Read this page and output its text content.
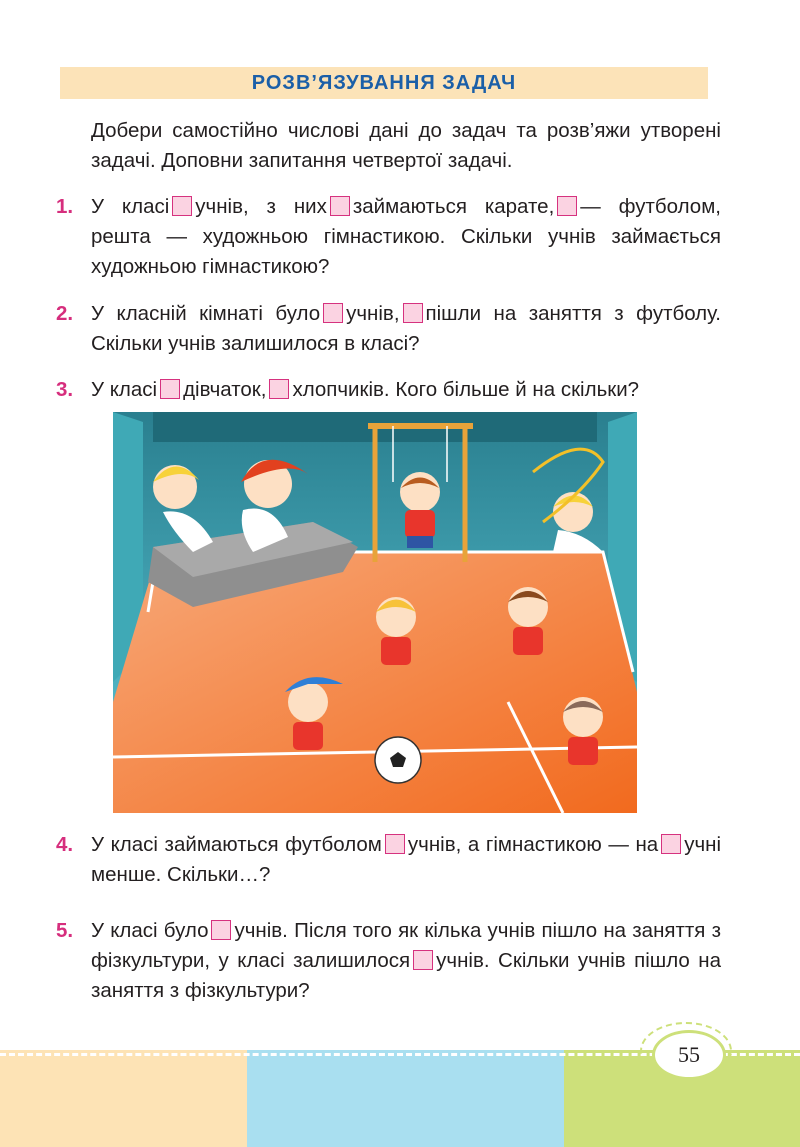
РОЗВ’ЯЗУВАННЯ ЗАДАЧ
Добери самостійно числові дані до задач та розв’яжи утворені задачі. Доповни запитання четвертої задачі.
1. У класі учнів, з них займаються карате, — футболом, решта — художньою гімнастикою. Скільки учнів займається художньою гімнастикою?
2. У класній кімнаті було учнів, пішли на заняття з футболу. Скільки учнів залишилося в класі?
3. У класі дівчаток, хлопчиків. Кого більше й на скільки?
4. У класі займаються футболом учнів, а гімнастикою — на учні менше. Скільки…?
5. У класі було учнів. Після того як кілька учнів пішло на заняття з фізкультури, у класі залишилося учнів. Скільки учнів пішло на заняття з фізкультури?
55
